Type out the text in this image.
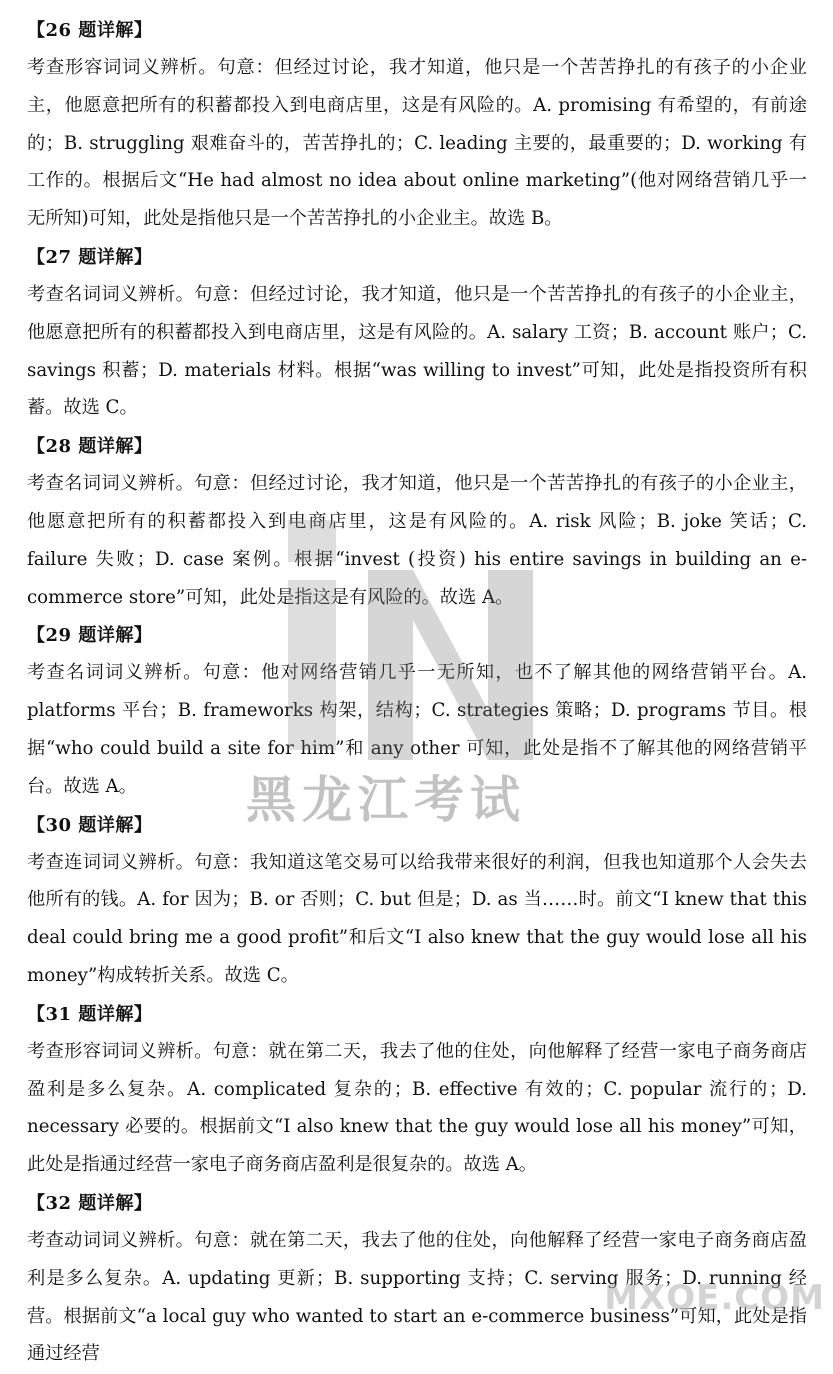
【26 题详解】

考查形容词词义辨析。句意：但经过讨论，我才知道，他只是一个苦苦挣扎的有孩子的小企业主，他愿意把所有的积蓄都投入到电商店里，这是有风险的。A. promising 有希望的，有前途的；B. struggling 艰难奋斗的，苦苦挣扎的；C. leading 主要的，最重要的；D. working 有工作的。根据后文“He had almost no idea about online marketing”(他对网络营销几乎一无所知)可知，此处是指他只是一个苦苦挣扎的小企业主。故选 B。

【27 题详解】

考查名词词义辨析。句意：但经过讨论，我才知道，他只是一个苦苦挣扎的有孩子的小企业主，他愿意把所有的积蓄都投入到电商店里，这是有风险的。A. salary 工资；B. account 账户；C. savings 积蓄；D. materials 材料。根据“was willing to invest”可知，此处是指投资所有积蓄。故选 C。

【28 题详解】

考查名词词义辨析。句意：但经过讨论，我才知道，他只是一个苦苦挣扎的有孩子的小企业主，他愿意把所有的积蓄都投入到电商店里，这是有风险的。A. risk 风险；B. joke 笑话；C. failure 失败；D. case 案例。根据“invest (投资) his entire savings in building an e-commerce store”可知，此处是指这是有风险的。故选 A。

【29 题详解】

考查名词词义辨析。句意：他对网络营销几乎一无所知，也不了解其他的网络营销平台。A. platforms 平台；B. frameworks 构架，结构；C. strategies 策略；D. programs 节目。根据“who could build a site for him”和 any other 可知，此处是指不了解其他的网络营销平台。故选 A。

【30 题详解】

考查连词词义辨析。句意：我知道这笔交易可以给我带来很好的利润，但我也知道那个人会失去他所有的钱。A. for 因为；B. or 否则；C. but 但是；D. as 当……时。前文“I knew that this deal could bring me a good profit”和后文“I also knew that the guy would lose all his money”构成转折关系。故选 C。

【31 题详解】

考查形容词词义辨析。句意：就在第二天，我去了他的住处，向他解释了经营一家电子商务商店盈利是多么复杂。A. complicated 复杂的；B. effective 有效的；C. popular 流行的；D. necessary 必要的。根据前文“I also knew that the guy would lose all his money”可知，此处是指通过经营一家电子商务商店盈利是很复杂的。故选 A。

【32 题详解】

考查动词词义辨析。句意：就在第二天，我去了他的住处，向他解释了经营一家电子商务商店盈利是多么复杂。A. updating 更新；B. supporting 支持；C. serving 服务；D. running 经营。根据前文“a local guy who wanted to start an e-commerce business”可知，此处是指通过经营

黑龙江考试
MXQE.COM
